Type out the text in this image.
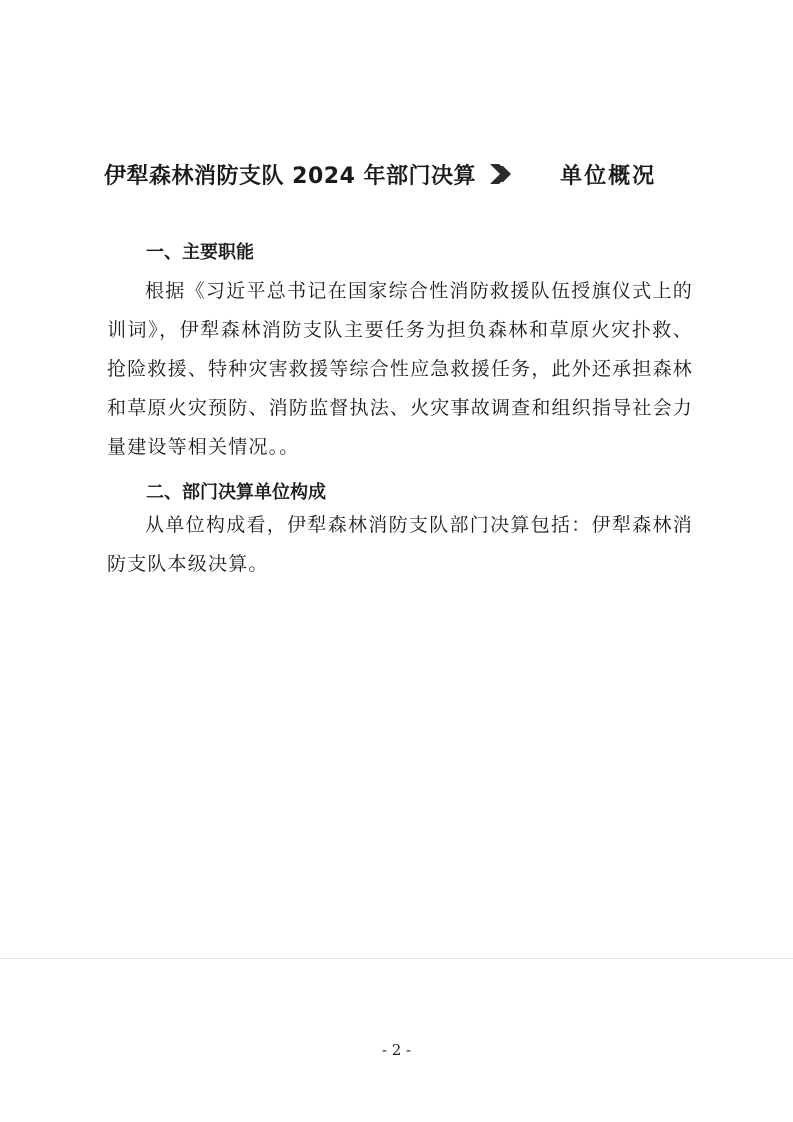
伊犁森林消防支队 2024 年部门决算	单位概况
一、主要职能
根据《习近平总书记在国家综合性消防救援队伍授旗仪式上的训词》，伊犁森林消防支队主要任务为担负森林和草原火灾扑救、抢险救援、特种灾害救援等综合性应急救援任务，此外还承担森林和草原火灾预防、消防监督执法、火灾事故调查和组织指导社会力量建设等相关情况。。
二、部门决算单位构成
从单位构成看，伊犁森林消防支队部门决算包括：伊犁森林消防支队本级决算。
- 2 -
